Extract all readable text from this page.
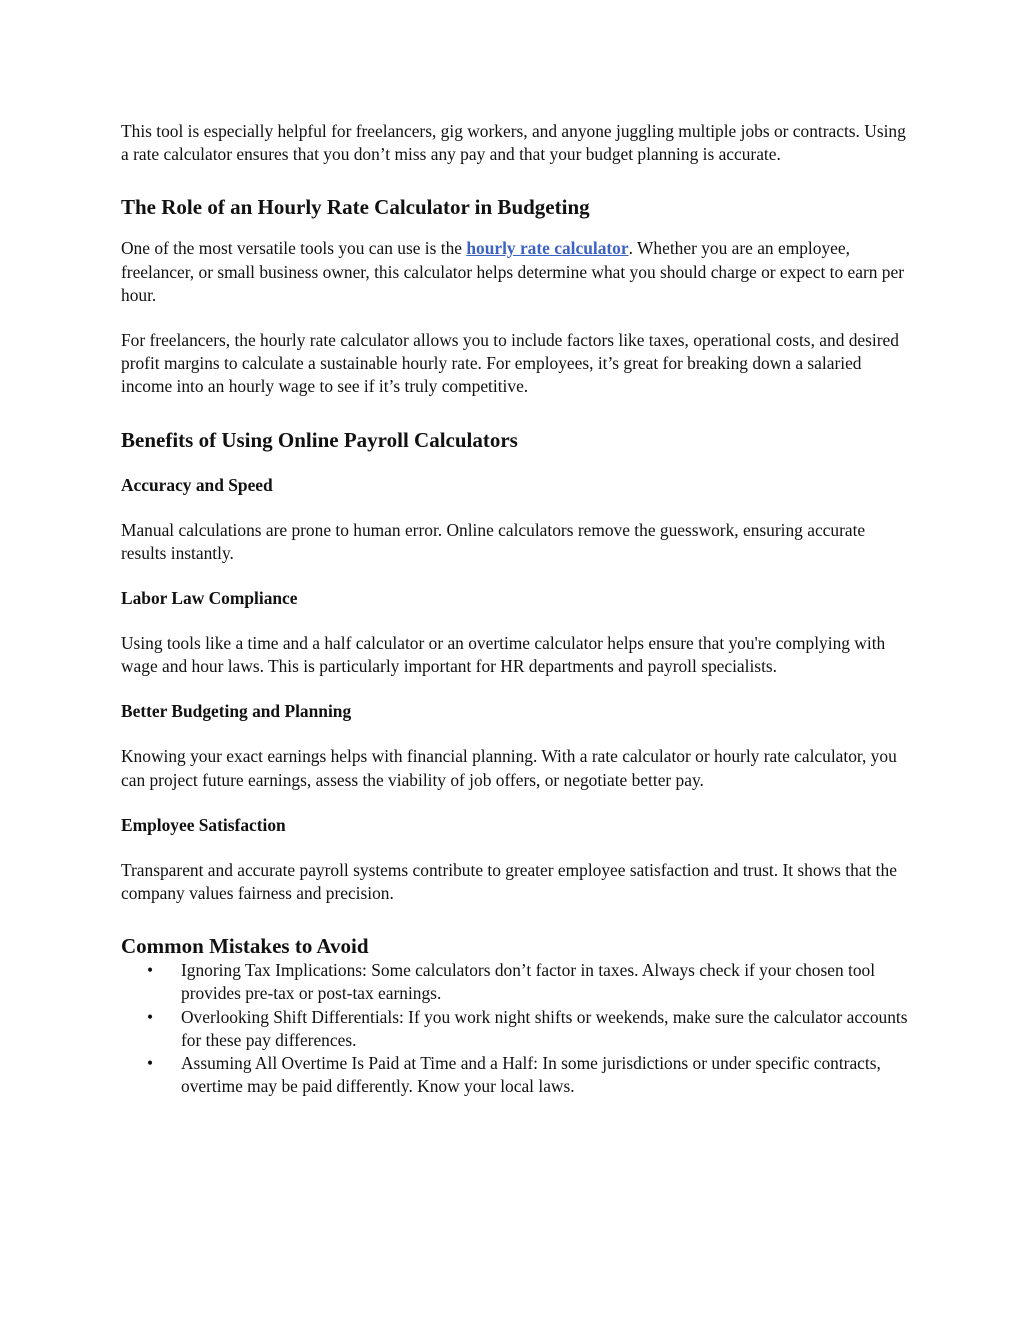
This tool is especially helpful for freelancers, gig workers, and anyone juggling multiple jobs or contracts. Using a rate calculator ensures that you don’t miss any pay and that your budget planning is accurate.

The Role of an Hourly Rate Calculator in Budgeting

One of the most versatile tools you can use is the hourly rate calculator. Whether you are an employee, freelancer, or small business owner, this calculator helps determine what you should charge or expect to earn per hour.

For freelancers, the hourly rate calculator allows you to include factors like taxes, operational costs, and desired profit margins to calculate a sustainable hourly rate. For employees, it’s great for breaking down a salaried income into an hourly wage to see if it’s truly competitive.

Benefits of Using Online Payroll Calculators
Accuracy and Speed

Manual calculations are prone to human error. Online calculators remove the guesswork, ensuring accurate results instantly.

Labor Law Compliance

Using tools like a time and a half calculator or an overtime calculator helps ensure that you're complying with wage and hour laws. This is particularly important for HR departments and payroll specialists.

Better Budgeting and Planning

Knowing your exact earnings helps with financial planning. With a rate calculator or hourly rate calculator, you can project future earnings, assess the viability of job offers, or negotiate better pay.

Employee Satisfaction

Transparent and accurate payroll systems contribute to greater employee satisfaction and trust. It shows that the company values fairness and precision.

Common Mistakes to Avoid
• Ignoring Tax Implications: Some calculators don’t factor in taxes. Always check if your chosen tool provides pre-tax or post-tax earnings.
• Overlooking Shift Differentials: If you work night shifts or weekends, make sure the calculator accounts for these pay differences.
• Assuming All Overtime Is Paid at Time and a Half: In some jurisdictions or under specific contracts, overtime may be paid differently. Know your local laws.
